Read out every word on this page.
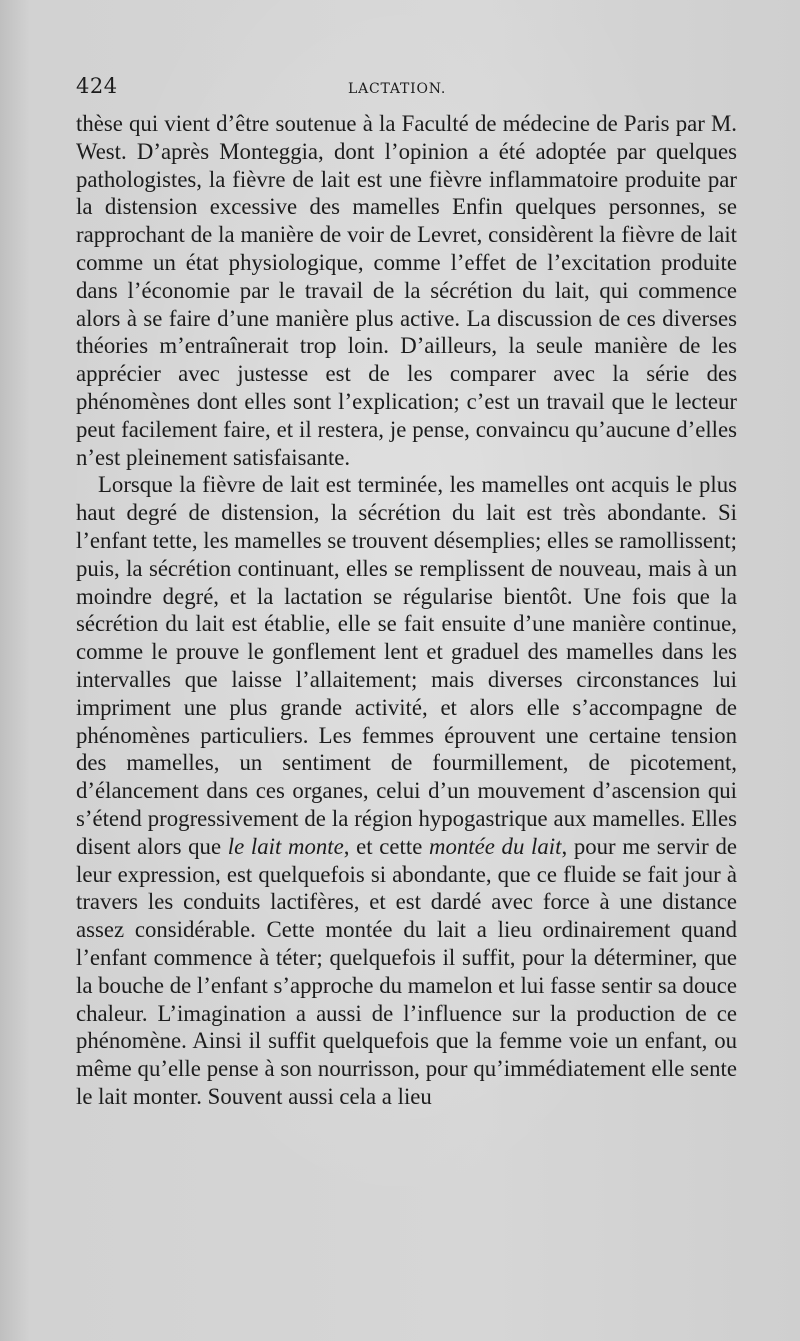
424	LACTATION.

thèse qui vient d’être soutenue à la Faculté de médecine de Paris par M. West. D’après Monteggia, dont l’opinion a été adoptée par quelques pathologistes, la fièvre de lait est une fièvre inflammatoire produite par la distension excessive des mamelles Enfin quelques personnes, se rapprochant de la manière de voir de Levret, considèrent la fièvre de lait comme un état physiologique, comme l’effet de l’excitation produite dans l’économie par le travail de la sécrétion du lait, qui commence alors à se faire d’une manière plus active. La discussion de ces diverses théories m’entraînerait trop loin. D’ailleurs, la seule manière de les apprécier avec justesse est de les comparer avec la série des phénomènes dont elles sont l’explication; c’est un travail que le lecteur peut facilement faire, et il restera, je pense, convaincu qu’aucune d’elles n’est pleinement satisfaisante.

Lorsque la fièvre de lait est terminée, les mamelles ont acquis le plus haut degré de distension, la sécrétion du lait est très abondante. Si l’enfant tette, les mamelles se trouvent désemplies; elles se ramollissent; puis, la sécrétion continuant, elles se remplissent de nouveau, mais à un moindre degré, et la lactation se régularise bientôt. Une fois que la sécrétion du lait est établie, elle se fait ensuite d’une manière continue, comme le prouve le gonflement lent et graduel des mamelles dans les intervalles que laisse l’allaitement; mais diverses circonstances lui impriment une plus grande activité, et alors elle s’accompagne de phénomènes particuliers. Les femmes éprouvent une certaine tension des mamelles, un sentiment de fourmillement, de picotement, d’élancement dans ces organes, celui d’un mouvement d’ascension qui s’étend progressivement de la région hypogastrique aux mamelles. Elles disent alors que le lait monte, et cette montée du lait, pour me servir de leur expression, est quelquefois si abondante, que ce fluide se fait jour à travers les conduits lactifères, et est dardé avec force à une distance assez considérable. Cette montée du lait a lieu ordinairement quand l’enfant commence à téter; quelquefois il suffit, pour la déterminer, que la bouche de l’enfant s’approche du mamelon et lui fasse sentir sa douce chaleur. L’imagination a aussi de l’influence sur la production de ce phénomène. Ainsi il suffit quelquefois que la femme voie un enfant, ou même qu’elle pense à son nourrisson, pour qu’immédiatement elle sente le lait monter. Souvent aussi cela a lieu
